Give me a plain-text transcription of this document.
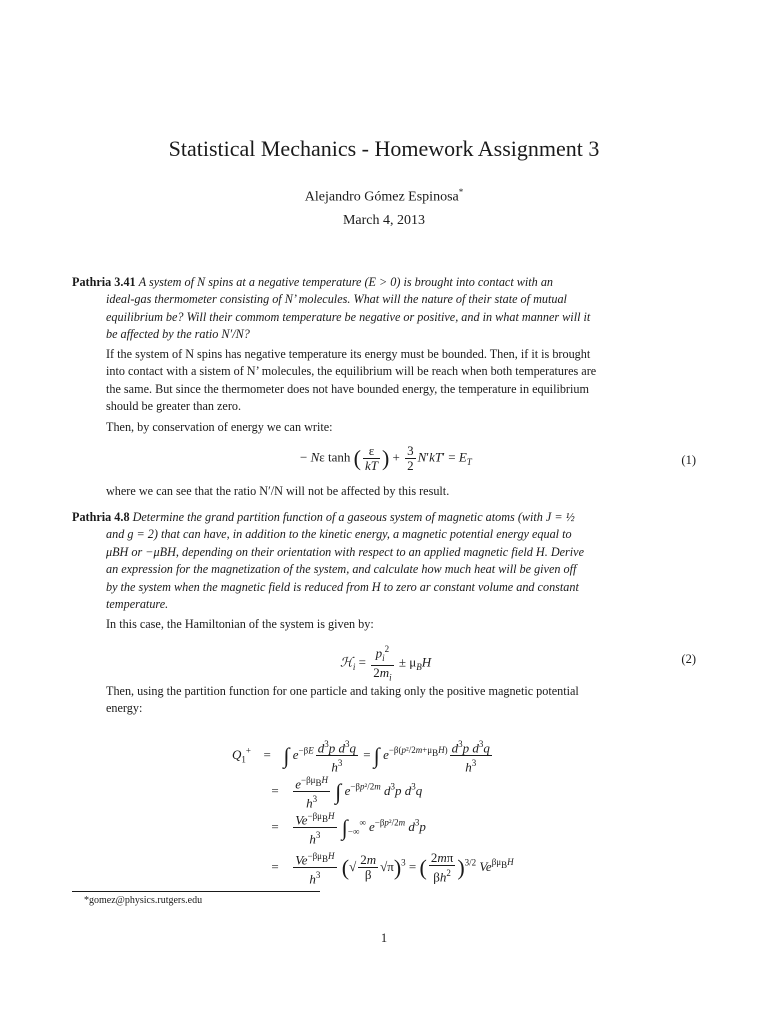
Statistical Mechanics - Homework Assignment 3
Alejandro Gómez Espinosa*
March 4, 2013

Pathria 3.41 A system of N spins at a negative temperature (E > 0) is brought into contact with an
ideal-gas thermometer consisting of N’ molecules. What will the nature of their state of mutual
equilibrium be? Will their commom temperature be negative or positive, and in what manner will it
be affected by the ratio N′/N?

If the system of N spins has negative temperature its energy must be bounded. Then, if it is brought
into contact with a sistem of N’ molecules, the equilibrium will be reach when both temperatures are
the same. But since the thermometer does not have bounded energy, the temperature in equilibrium
should be greater than zero.

Then, by conservation of energy we can write:

− Nε tanh ( $\frac{\varepsilon}{kT}$ ) + $\frac{3}{2} N'kT' = E_T$	(1)

where we can see that the ratio N′/N will not be affected by this result.

Pathria 4.8 Determine the grand partition function of a gaseous system of magnetic atoms (with J = ½
and g = 2) that can have, in addition to the kinetic energy, a magnetic potential energy equal to
μBH or −μBH, depending on their orientation with respect to an applied magnetic field H. Derive
an expression for the magnetization of the system, and calculate how much heat will be given off
by the system when the magnetic field is reduced from H to zero ar constant volume and constant
temperature.

In this case, the Hamiltonian of the system is given by:

ℋ$_i$ = $\frac{p_i^2}{2m_i} \pm \mu_BH$	(2)

Then, using the partition function for one particle and taking only the positive magnetic potential
energy:

$Q_1^+$ = ∫ $e^{-\beta E} \frac{d^3p d^3q}{h^3}$ = ∫ $e^{-\beta(p^2/2m+\mu_BH)} \frac{d^3p d^3q}{h^3}$
= $\frac{e^{-\beta\mu_BH}}{h^3}$ ∫ $e^{-\beta p^2/2m}$ $d^3p$ $d^3q$
= $\frac{Ve^{-\beta\mu_BH}}{h^3} \int_{-\infty}^\infty$ $e^{-\beta p^2/2m}$ $d^3p$
= $\frac{Ve^{-\beta\mu_BH}}{h^3}$ (√ $\frac{2m}{\beta} √\pi)^3$ = ( $\frac{2m\pi}{\beta h^2} )^{3/2}$ $Ve^{\beta\mu_BH}$
*gomez@physics.rutgers.edu
1
